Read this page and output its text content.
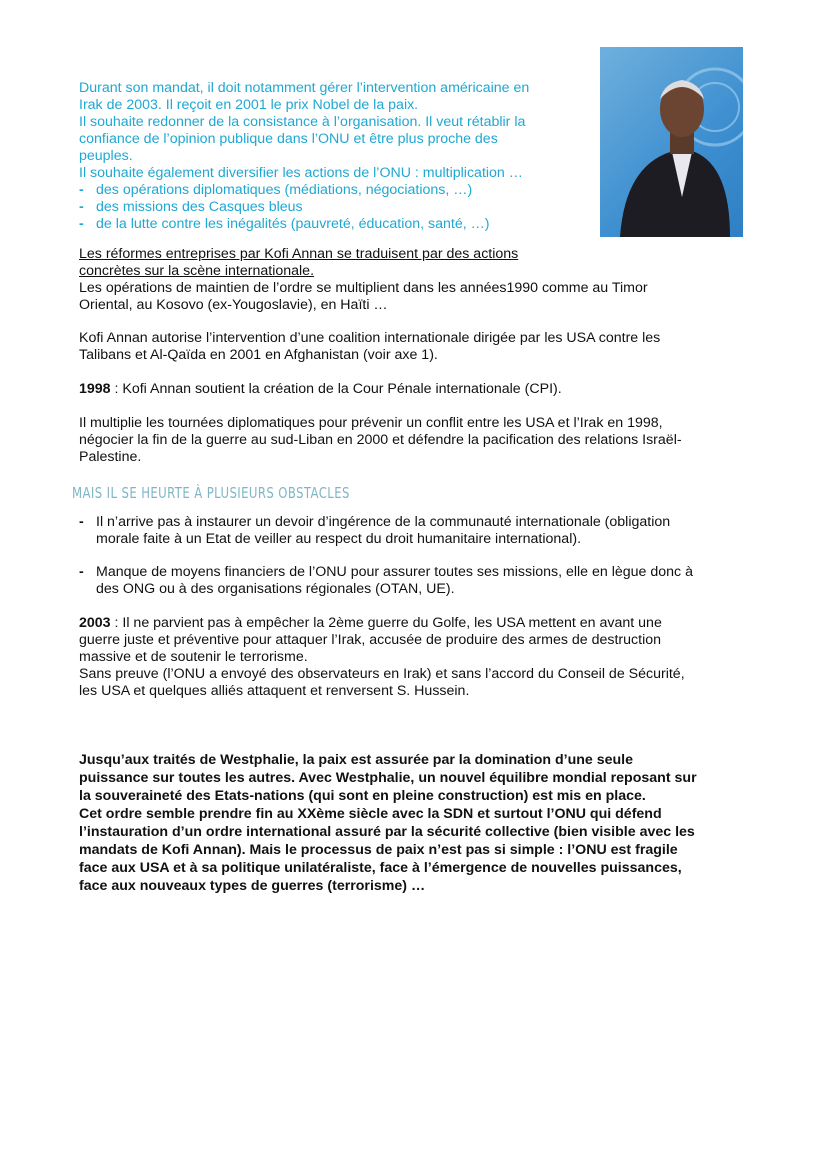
Durant son mandat, il doit notamment gérer l’intervention américaine en
Irak de 2003. Il reçoit en 2001 le prix Nobel de la paix.
Il souhaite redonner de la consistance à l’organisation. Il veut rétablir la
confiance de l’opinion publique dans l’ONU et être plus proche des
peuples.
Il souhaite également diversifier les actions de l’ONU : multiplication …
- des opérations diplomatiques (médiations, négociations, …)
- des missions des Casques bleus
- de la lutte contre les inégalités (pauvreté, éducation, santé, …)
Les réformes entreprises par Kofi Annan se traduisent par des actions
concrètes sur la scène internationale.
Les opérations de maintien de l’ordre se multiplient dans les années1990 comme au Timor
Oriental, au Kosovo (ex-Yougoslavie), en Haïti …
Kofi Annan autorise l’intervention d’une coalition internationale dirigée par les USA contre les
Talibans et Al-Qaïda en 2001 en Afghanistan (voir axe 1).
1998 : Kofi Annan soutient la création de la Cour Pénale internationale (CPI).
Il multiplie les tournées diplomatiques pour prévenir un conflit entre les USA et l’Irak en 1998,
négocier la fin de la guerre au sud-Liban en 2000 et défendre la pacification des relations Israël-
Palestine.
MAIS IL SE HEURTE À PLUSIEURS OBSTACLES
- Il n’arrive pas à instaurer un devoir d’ingérence de la communauté internationale (obligation
morale faite à un Etat de veiller au respect du droit humanitaire international).
- Manque de moyens financiers de l’ONU pour assurer toutes ses missions, elle en lègue donc à
des ONG ou à des organisations régionales (OTAN, UE).
2003 : Il ne parvient pas à empêcher la 2ème guerre du Golfe, les USA mettent en avant une
guerre juste et préventive pour attaquer l’Irak, accusée de produire des armes de destruction
massive et de soutenir le terrorisme.
Sans preuve (l’ONU a envoyé des observateurs en Irak) et sans l’accord du Conseil de Sécurité,
les USA et quelques alliés attaquent et renversent S. Hussein.
Jusqu’aux traités de Westphalie, la paix est assurée par la domination d’une seule
puissance sur toutes les autres. Avec Westphalie, un nouvel équilibre mondial reposant sur
la souveraineté des Etats-nations (qui sont en pleine construction) est mis en place.
Cet ordre semble prendre fin au XXème siècle avec la SDN et surtout l’ONU qui défend
l’instauration d’un ordre international assuré par la sécurité collective (bien visible avec les
mandats de Kofi Annan). Mais le processus de paix n’est pas si simple : l’ONU est fragile
face aux USA et à sa politique unilatéraliste, face à l’émergence de nouvelles puissances,
face aux nouveaux types de guerres (terrorisme) …
